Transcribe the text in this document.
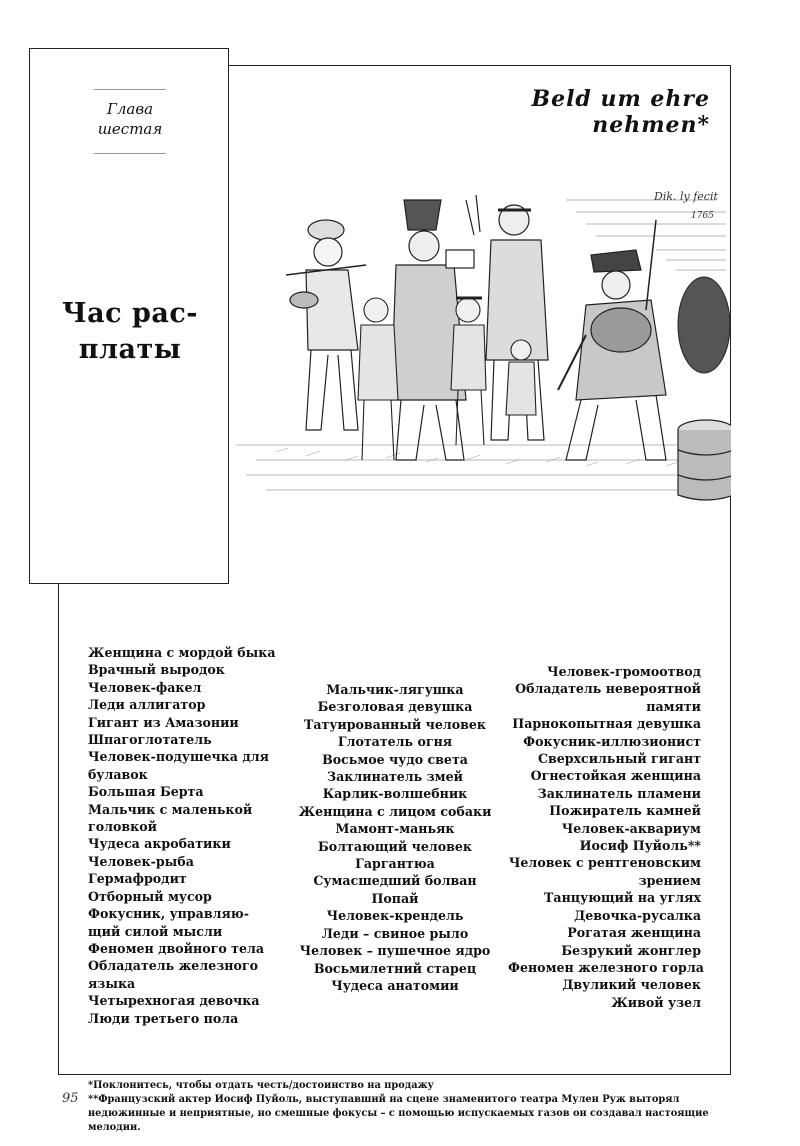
Глава
шестая
Час рас-
платы
Beld um ehre nehmen*
Dik. ly fecit
1765
Женщина с мордой быка
Врачный выродок
Человек-факел
Леди аллигатор
Гигант из Амазонии
Шпагоглотатель
Человек-подушечка для
булавок
Большая Берта
Мальчик с маленькой
головкой
Чудеса акробатики
Человек-рыба
Гермафродит
Отборный мусор
Фокусник, управляю-
щий силой мысли
Феномен двойного тела
Обладатель железного
языка
Четырехногая девочка
Люди третьего пола
Мальчик-лягушка
Безголовая девушка
Татуированный человек
Глотатель огня
Восьмое чудо света
Заклинатель змей
Карлик-волшебник
Женщина с лицом собаки
Мамонт-маньяк
Болтающий человек
Гаргантюа
Сумасшедший болван
Попай
Человек-крендель
Леди – свиное рыло
Человек – пушечное ядро
Восьмилетний старец
Чудеса анатомии
Человек-громоотвод
Обладатель невероятной
памяти
Парнокопытная девушка
Фокусник-иллюзионист
Сверхсильный гигант
Огнестойкая женщина
Заклинатель пламени
Пожиратель камней
Человек-аквариум
Иосиф Пуйоль**
Человек с рентгеновским
зрением
Танцующий на углях
Девочка-русалка
Рогатая женщина
Безрукий жонглер
Феномен железного горла
Двуликий человек
Живой узел
95
*Поклонитесь, чтобы отдать честь/достоинство на продажу
**Французский актер Иосиф Пуйоль, выступавший на сцене знаменитого театра Мулен Руж выторял недюжинные и неприятные, но смешные фокусы – с помощью испускаемых газов он создавал настоящие мелодии.
